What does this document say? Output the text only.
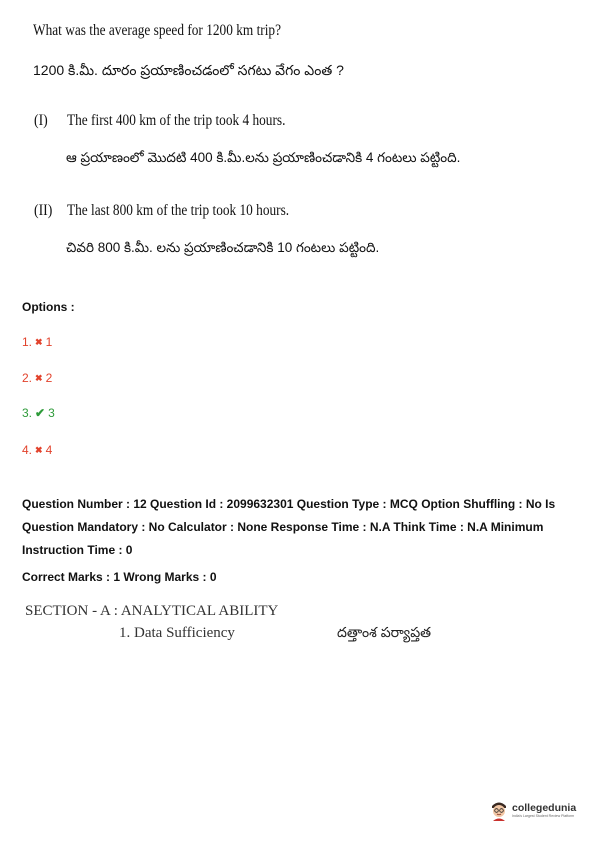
What was the average speed for 1200 km trip?
1200 కి.మీ. దూరం ప్రయాణించడంలో సగటు వేగం ఎంత ?
(I) The first 400 km of the trip took 4 hours.
ఆ ప్రయాణంలో మొదటి 400 కి.మీ.లను ప్రయాణించడానికి 4 గంటలు పట్టింది.
(II) The last 800 km of the trip took 10 hours.
చివరి 800 కి.మీ. లను ప్రయాణించడానికి 10 గంటలు పట్టింది.
Options :
1. ✖ 1
2. ✖ 2
3. ✔ 3
4. ✖ 4
Question Number : 12 Question Id : 2099632301 Question Type : MCQ Option Shuffling : No Is
Question Mandatory : No Calculator : None Response Time : N.A Think Time : N.A Minimum
Instruction Time : 0
Correct Marks : 1 Wrong Marks : 0
SECTION - A : ANALYTICAL ABILITY
1. Data Sufficiency	దత్తాంశ పర్యాప్తత
collegedunia
India's Largest Student Review Platform
